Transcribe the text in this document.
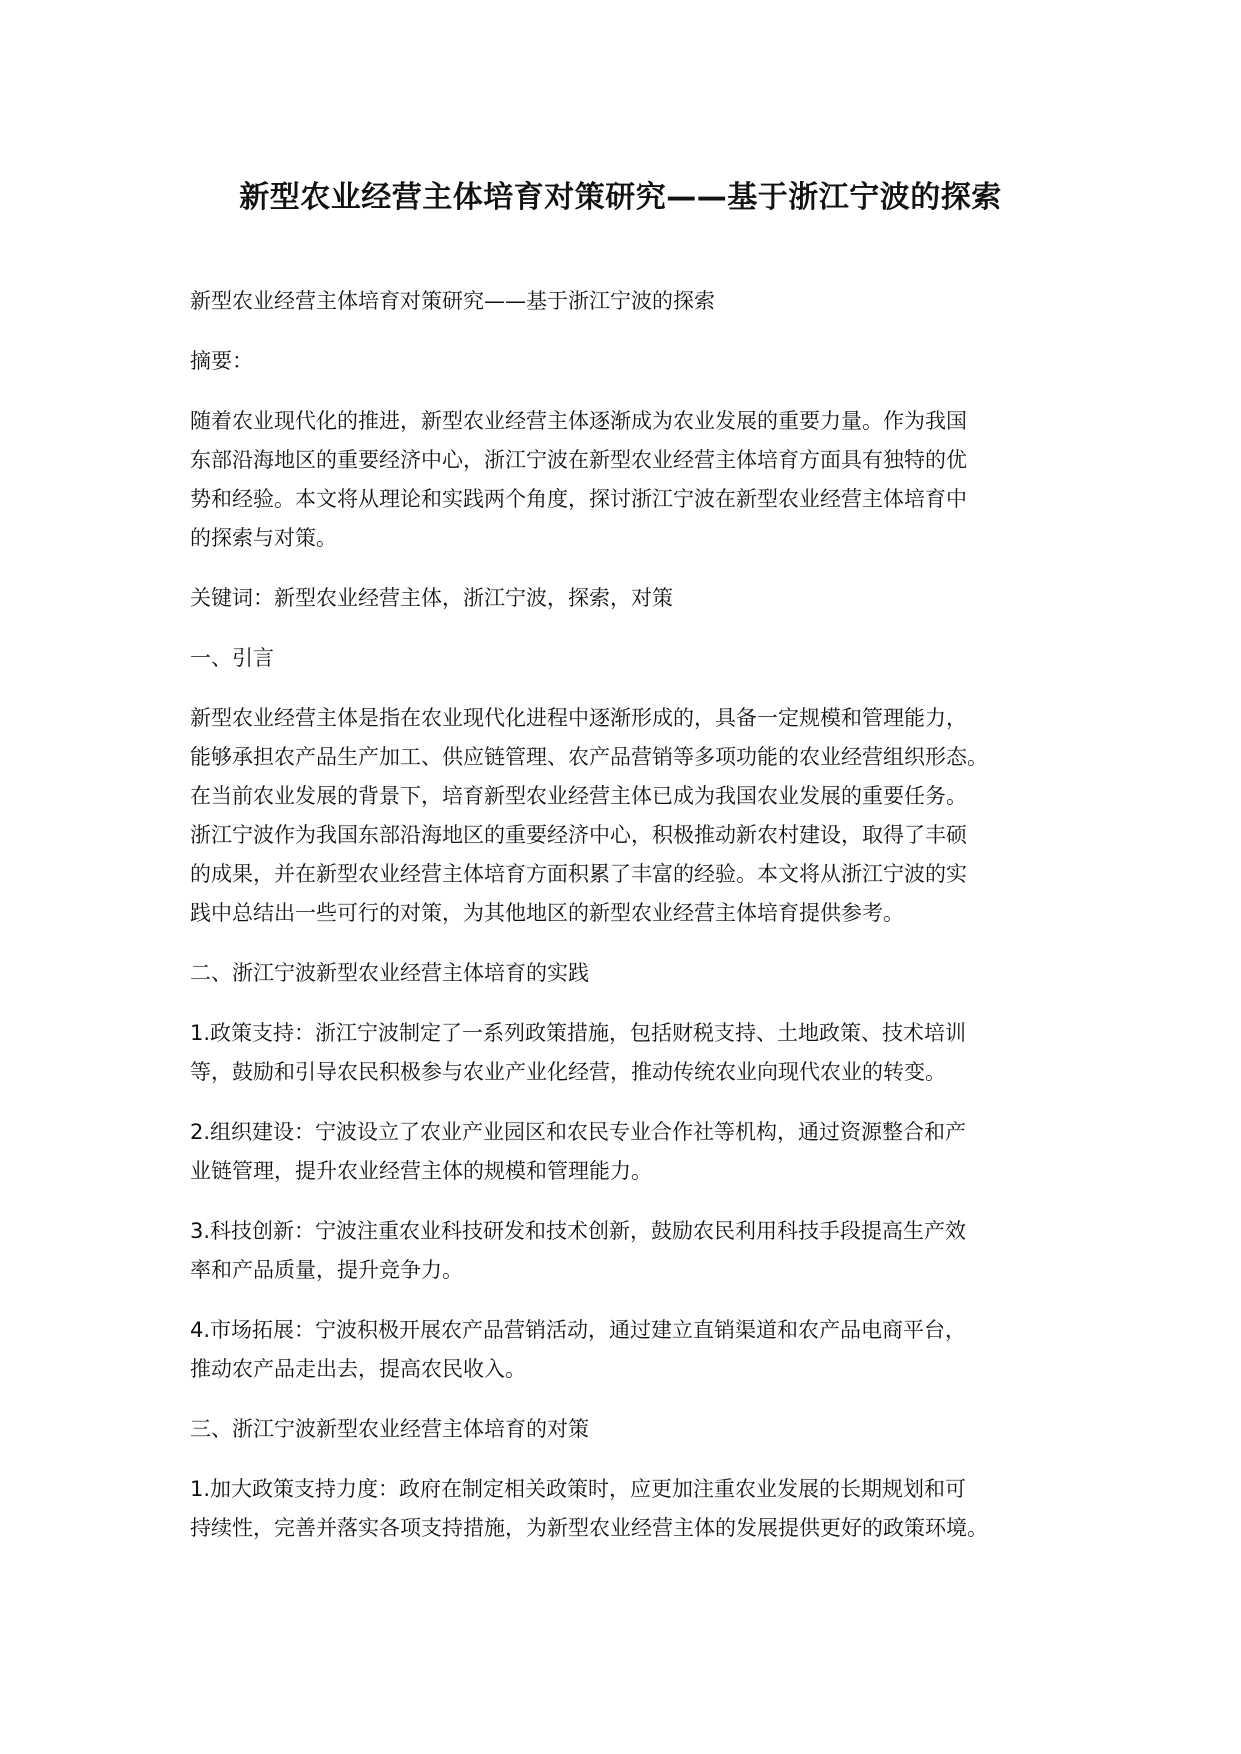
新型农业经营主体培育对策研究——基于浙江宁波的探索

新型农业经营主体培育对策研究——基于浙江宁波的探索

摘要：

随着农业现代化的推进，新型农业经营主体逐渐成为农业发展的重要力量。作为我国
东部沿海地区的重要经济中心，浙江宁波在新型农业经营主体培育方面具有独特的优
势和经验。本文将从理论和实践两个角度，探讨浙江宁波在新型农业经营主体培育中
的探索与对策。

关键词：新型农业经营主体，浙江宁波，探索，对策

一、引言

新型农业经营主体是指在农业现代化进程中逐渐形成的，具备一定规模和管理能力，
能够承担农产品生产加工、供应链管理、农产品营销等多项功能的农业经营组织形态。
在当前农业发展的背景下，培育新型农业经营主体已成为我国农业发展的重要任务。
浙江宁波作为我国东部沿海地区的重要经济中心，积极推动新农村建设，取得了丰硕
的成果，并在新型农业经营主体培育方面积累了丰富的经验。本文将从浙江宁波的实
践中总结出一些可行的对策，为其他地区的新型农业经营主体培育提供参考。

二、浙江宁波新型农业经营主体培育的实践

1.政策支持：浙江宁波制定了一系列政策措施，包括财税支持、土地政策、技术培训
等，鼓励和引导农民积极参与农业产业化经营，推动传统农业向现代农业的转变。

2.组织建设：宁波设立了农业产业园区和农民专业合作社等机构，通过资源整合和产
业链管理，提升农业经营主体的规模和管理能力。

3.科技创新：宁波注重农业科技研发和技术创新，鼓励农民利用科技手段提高生产效
率和产品质量，提升竞争力。

4.市场拓展：宁波积极开展农产品营销活动，通过建立直销渠道和农产品电商平台，
推动农产品走出去，提高农民收入。

三、浙江宁波新型农业经营主体培育的对策

1.加大政策支持力度：政府在制定相关政策时，应更加注重农业发展的长期规划和可
持续性，完善并落实各项支持措施，为新型农业经营主体的发展提供更好的政策环境。
